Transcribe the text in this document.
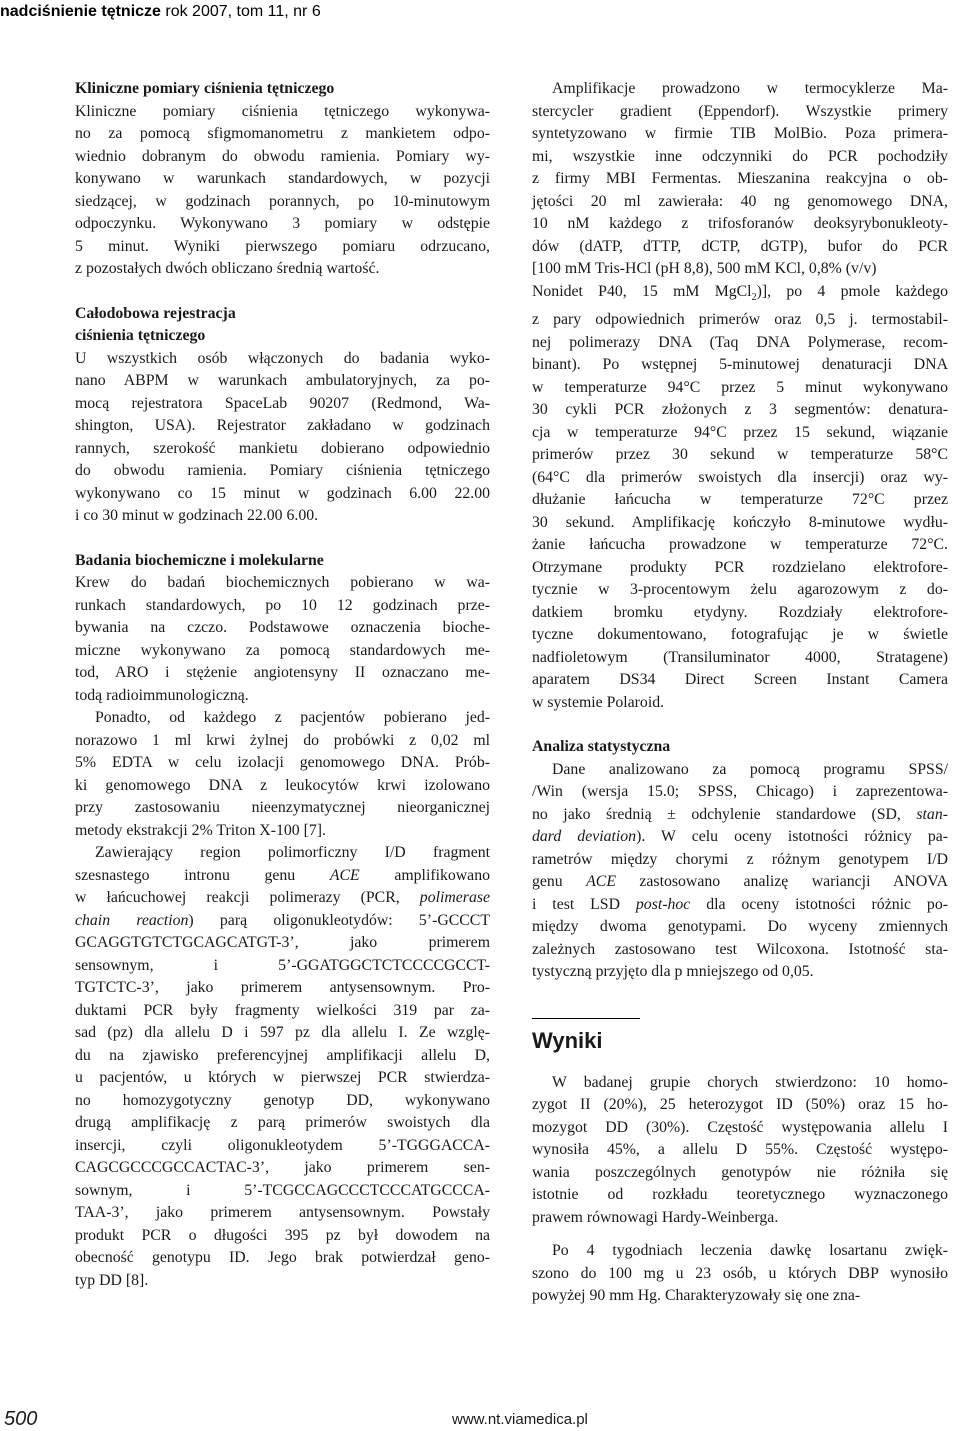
nadciśnienie tętnicze rok 2007, tom 11, nr 6
Kliniczne pomiary ciśnienia tętniczego
Kliniczne pomiary ciśnienia tętniczego wykonywa-
no za pomocą sfigmomanometru z mankietem odpo-
wiednio dobranym do obwodu ramienia. Pomiary wy-
konywano w warunkach standardowych, w pozycji
siedzącej, w godzinach porannych, po 10-minutowym
odpoczynku. Wykonywano 3 pomiary w odstępie
5 minut. Wyniki pierwszego pomiaru odrzucano,
z pozostałych dwóch obliczano średnią wartość.
Całodobowa rejestracja
ciśnienia tętniczego
U wszystkich osób włączonych do badania wyko-
nano ABPM w warunkach ambulatoryjnych, za po-
mocą rejestratora SpaceLab 90207 (Redmond, Wa-
shington, USA). Rejestrator zakładano w godzinach
rannych, szerokość mankietu dobierano odpowiednio
do obwodu ramienia. Pomiary ciśnienia tętniczego
wykonywano co 15 minut w godzinach 6.00 22.00
i co 30 minut w godzinach 22.00 6.00.
Badania biochemiczne i molekularne
Krew do badań biochemicznych pobierano w wa-
runkach standardowych, po 10 12 godzinach prze-
bywania na czczo. Podstawowe oznaczenia bioche-
miczne wykonywano za pomocą standardowych me-
tod, ARO i stężenie angiotensyny II oznaczano me-
todą radioimmunologiczną.
Ponadto, od każdego z pacjentów pobierano jed-
norazowo 1 ml krwi żylnej do probówki z 0,02 ml
5% EDTA w celu izolacji genomowego DNA. Prób-
ki genomowego DNA z leukocytów krwi izolowano
przy zastosowaniu nieenzymatycznej nieorganicznej
metody ekstrakcji 2% Triton X-100 [7].
Zawierający region polimorficzny I/D fragment
szesnastego intronu genu ACE amplifikowano
w łańcuchowej reakcji polimerazy (PCR, polimerase
chain reaction) parą oligonukleotydów: 5’-GCCCT
GCAGGTGTCTGCAGCATGT-3’, jako primerem
sensownym, i 5’-GGATGGCTCTCCCCGCCT-
TGTCTC-3’, jako primerem antysensownym. Pro-
duktami PCR były fragmenty wielkości 319 par za-
sad (pz) dla allelu D i 597 pz dla allelu I. Ze wzglę-
du na zjawisko preferencyjnej amplifikacji allelu D,
u pacjentów, u których w pierwszej PCR stwierdza-
no homozygotyczny genotyp DD, wykonywano
drugą amplifikację z parą primerów swoistych dla
insercji, czyli oligonukleotydem 5’-TGGGACCA-
CAGCGCCCGCCACTAC-3’, jako primerem sen-
sownym, i 5’-TCGCCAGCCCTCCCATGCCCA-
TAA-3’, jako primerem antysensownym. Powstały
produkt PCR o długości 395 pz był dowodem na
obecność genotypu ID. Jego brak potwierdzał geno-
typ DD [8].
Amplifikacje prowadzono w termocyklerze Ma-
stercycler gradient (Eppendorf). Wszystkie primery
syntetyzowano w firmie TIB MolBio. Poza primera-
mi, wszystkie inne odczynniki do PCR pochodziły
z firmy MBI Fermentas. Mieszanina reakcyjna o ob-
jętości 20 ml zawierała: 40 ng genomowego DNA,
10 nM każdego z trifosforanów deoksyrybonukleoty-
dów (dATP, dTTP, dCTP, dGTP), bufor do PCR
[100 mM Tris-HCl (pH 8,8), 500 mM KCl, 0,8% (v/v)
Nonidet P40, 15 mM MgCl$_2$)], po 4 pmole każdego
z pary odpowiednich primerów oraz 0,5 j. termostabil-
nej polimerazy DNA (Taq DNA Polymerase, recom-
binant). Po wstępnej 5-minutowej denaturacji DNA
w temperaturze 94°C przez 5 minut wykonywano
30 cykli PCR złożonych z 3 segmentów: denatura-
cja w temperaturze 94°C przez 15 sekund, wiązanie
primerów przez 30 sekund w temperaturze 58°C
(64°C dla primerów swoistych dla insercji) oraz wy-
dłużanie łańcucha w temperaturze 72°C przez
30 sekund. Amplifikację kończyło 8-minutowe wydłu-
żanie łańcucha prowadzone w temperaturze 72°C.
Otrzymane produkty PCR rozdzielano elektrofore-
tycznie w 3-procentowym żelu agarozowym z do-
datkiem bromku etydyny. Rozdziały elektrofore-
tyczne dokumentowano, fotografując je w świetle
nadfioletowym (Transiluminator 4000, Stratagene)
aparatem DS34 Direct Screen Instant Camera
w systemie Polaroid.
Analiza statystyczna
Dane analizowano za pomocą programu SPSS/
/Win (wersja 15.0; SPSS, Chicago) i zaprezentowa-
no jako średnią ± odchylenie standardowe (SD, stan-
dard deviation). W celu oceny istotności różnicy pa-
rametrów między chorymi z różnym genotypem I/D
genu ACE zastosowano analizę wariancji ANOVA
i test LSD post-hoc dla oceny istotności różnic po-
między dwoma genotypami. Do wyceny zmiennych
zależnych zastosowano test Wilcoxona. Istotność sta-
tystyczną przyjęto dla p mniejszego od 0,05.
Wyniki
W badanej grupie chorych stwierdzono: 10 homo-
zygot II (20%), 25 heterozygot ID (50%) oraz 15 ho-
mozygot DD (30%). Częstość występowania allelu I
wynosiła 45%, a allelu D 55%. Częstość występo-
wania poszczególnych genotypów nie różniła się
istotnie od rozkładu teoretycznego wyznaczonego
prawem równowagi Hardy-Weinberga.
Po 4 tygodniach leczenia dawkę losartanu zwięk-
szono do 100 mg u 23 osób, u których DBP wynosiło
powyżej 90 mm Hg. Charakteryzowały się one zna-
500	www.nt.viamedica.pl
